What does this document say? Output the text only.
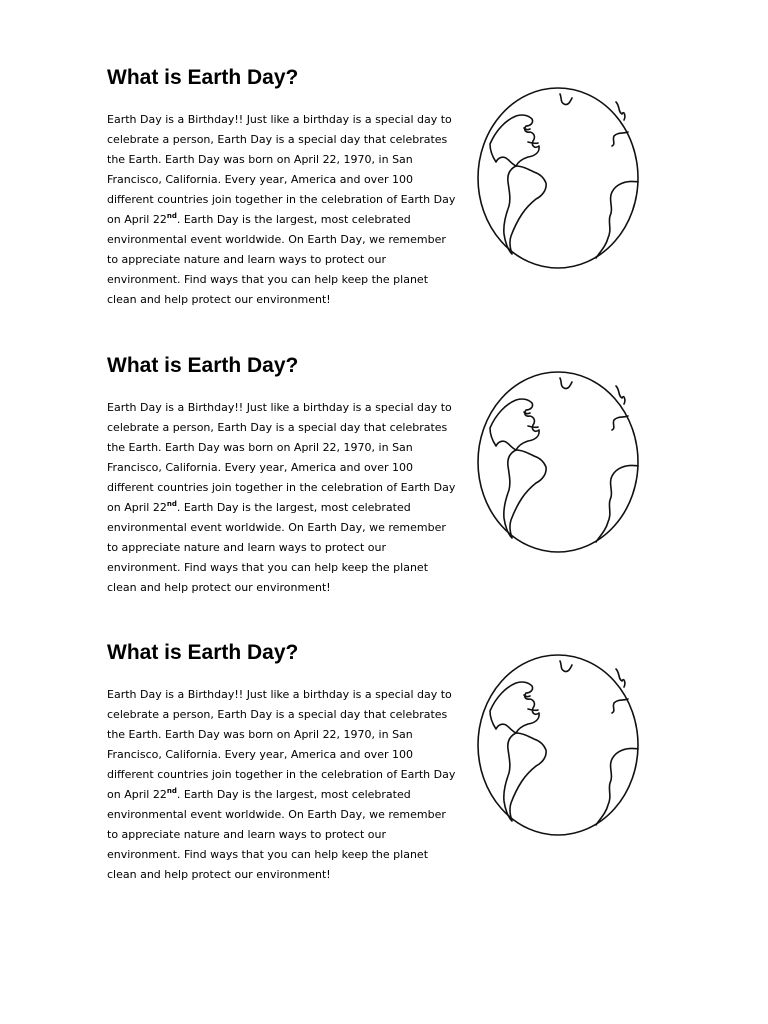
What is Earth Day?
Earth Day is a Birthday!! Just like a birthday is a special day to
celebrate a person, Earth Day is a special day that celebrates
the Earth. Earth Day was born on April 22, 1970, in San
Francisco, California. Every year, America and over 100
different countries join together in the celebration of Earth Day
on April 22nd. Earth Day is the largest, most celebrated
environmental event worldwide. On Earth Day, we remember
to appreciate nature and learn ways to protect our
environment. Find ways that you can help keep the planet
clean and help protect our environment!
What is Earth Day?
Earth Day is a Birthday!! Just like a birthday is a special day to
celebrate a person, Earth Day is a special day that celebrates
the Earth. Earth Day was born on April 22, 1970, in San
Francisco, California. Every year, America and over 100
different countries join together in the celebration of Earth Day
on April 22nd. Earth Day is the largest, most celebrated
environmental event worldwide. On Earth Day, we remember
to appreciate nature and learn ways to protect our
environment. Find ways that you can help keep the planet
clean and help protect our environment!
What is Earth Day?
Earth Day is a Birthday!! Just like a birthday is a special day to
celebrate a person, Earth Day is a special day that celebrates
the Earth. Earth Day was born on April 22, 1970, in San
Francisco, California. Every year, America and over 100
different countries join together in the celebration of Earth Day
on April 22nd. Earth Day is the largest, most celebrated
environmental event worldwide. On Earth Day, we remember
to appreciate nature and learn ways to protect our
environment. Find ways that you can help keep the planet
clean and help protect our environment!
